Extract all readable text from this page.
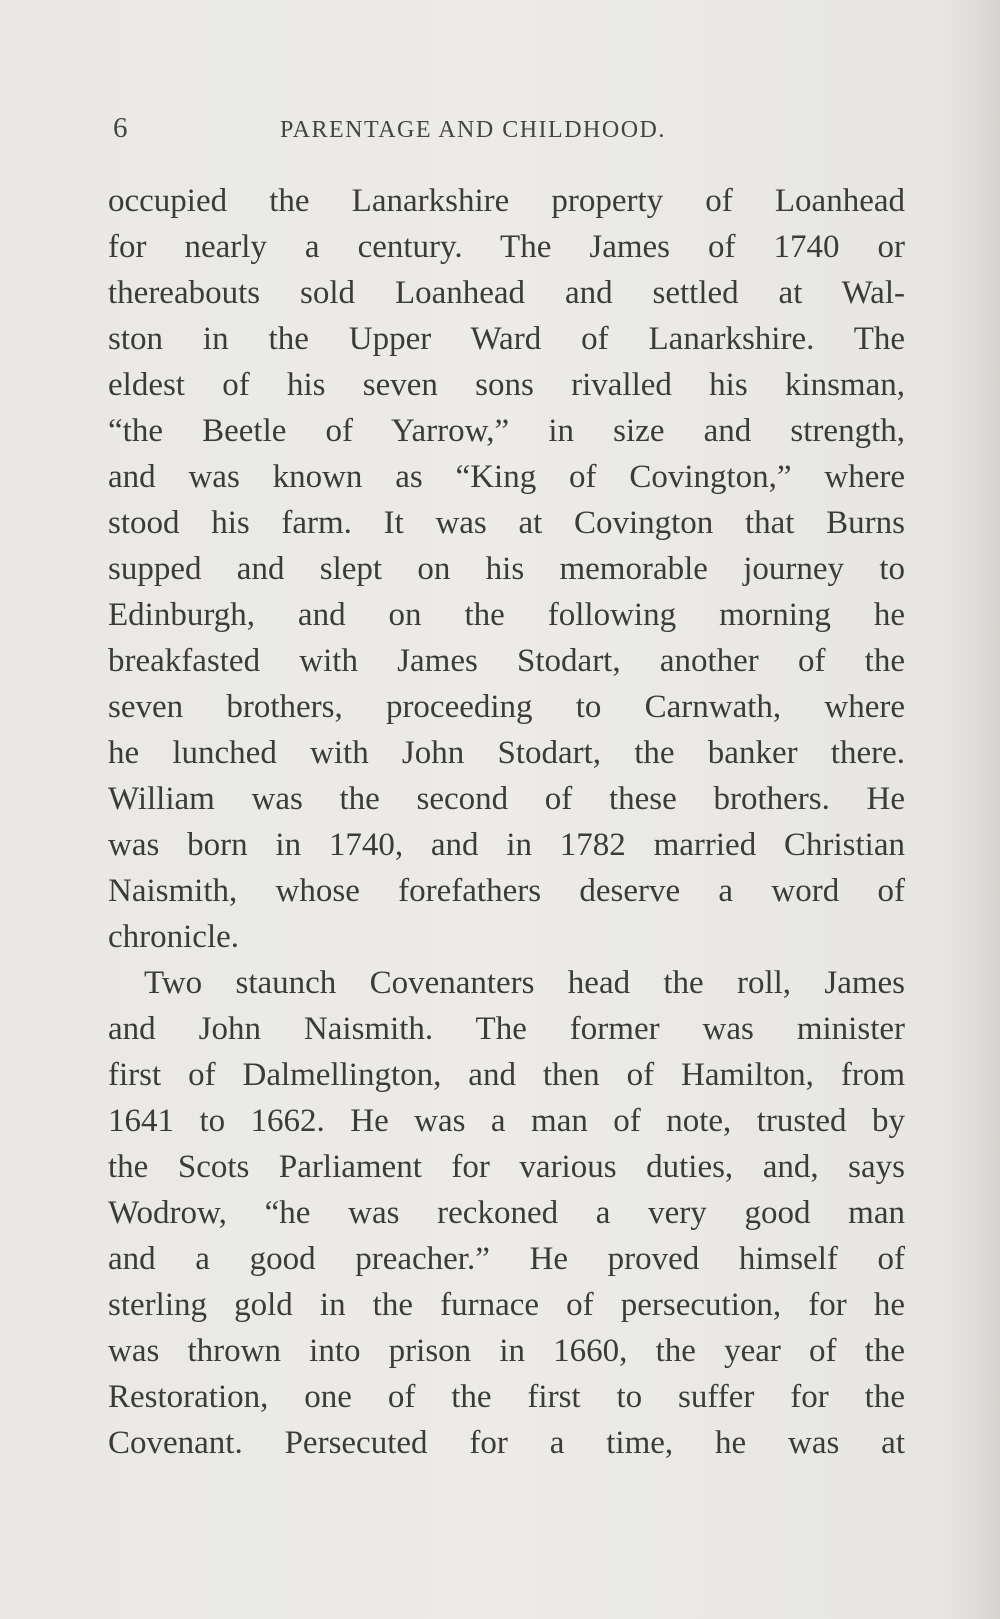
6	PARENTAGE AND CHILDHOOD.
occupied the Lanarkshire property of Loanhead
for nearly a century. The James of 1740 or
thereabouts sold Loanhead and settled at Wal-
ston in the Upper Ward of Lanarkshire. The
eldest of his seven sons rivalled his kinsman,
“the Beetle of Yarrow,” in size and strength,
and was known as “King of Covington,” where
stood his farm. It was at Covington that Burns
supped and slept on his memorable journey to
Edinburgh, and on the following morning he
breakfasted with James Stodart, another of the
seven brothers, proceeding to Carnwath, where
he lunched with John Stodart, the banker there.
William was the second of these brothers. He
was born in 1740, and in 1782 married Christian
Naismith, whose forefathers deserve a word of
chronicle.
Two staunch Covenanters head the roll, James
and John Naismith. The former was minister
first of Dalmellington, and then of Hamilton, from
1641 to 1662. He was a man of note, trusted by
the Scots Parliament for various duties, and, says
Wodrow, “he was reckoned a very good man
and a good preacher.” He proved himself of
sterling gold in the furnace of persecution, for he
was thrown into prison in 1660, the year of the
Restoration, one of the first to suffer for the
Covenant. Persecuted for a time, he was at
